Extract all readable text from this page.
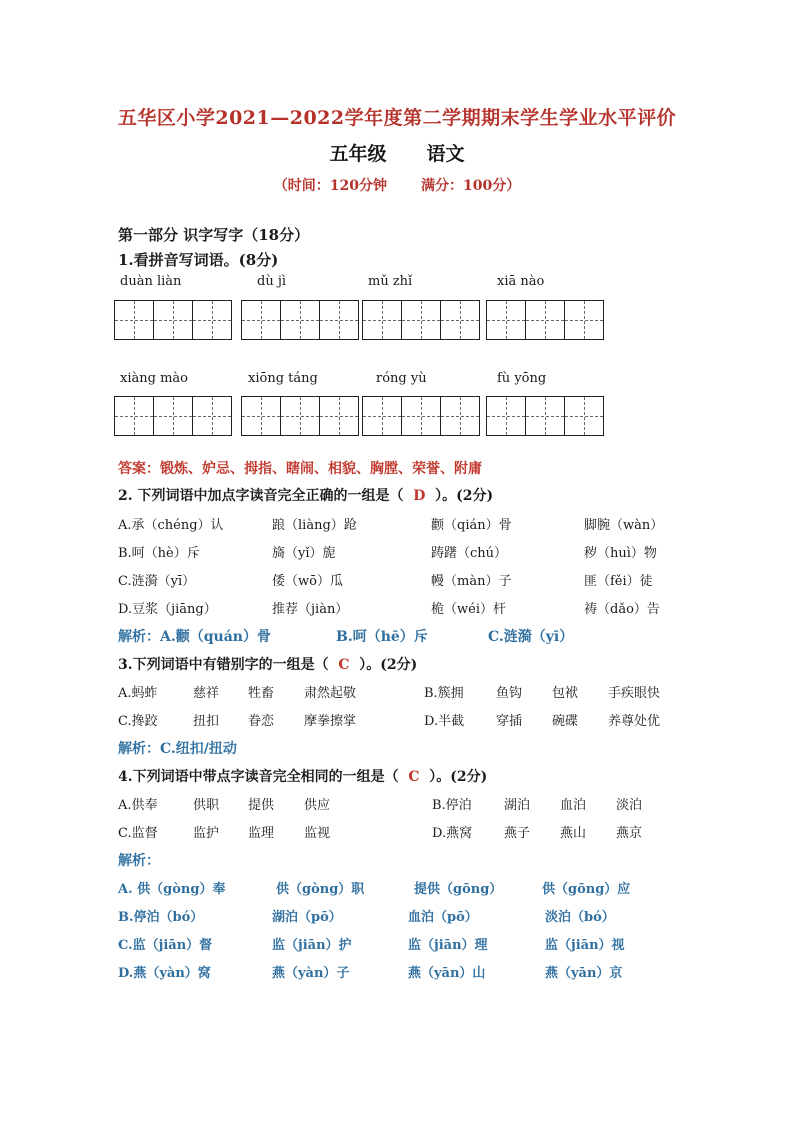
五华区小学2021—2022学年度第二学期期末学生学业水平评价
五年级 语文
（时间：120分钟 满分：100分）
第一部分 识字写字（18分）
1.看拼音写词语。(8分)
duàn liàn	dù jì	mǔ zhǐ	xiā nào
xiàng mào	xiōng táng	róng yù	fù yōng
答案：锻炼、妒忌、拇指、瞎闹、相貌、胸膛、荣誉、附庸
2. 下列词语中加点字读音完全正确的一组是（ D ）。(2分)
A.承（chéng）认	踉（liàng）跄	颧（qián）骨	脚腕（wàn）
B.呵（hè）斥	旖（yǐ）旎	踌躇（chú）	秽（huì）物
C.涟漪（yī）	倭（wō）瓜	幔（màn）子	匪（fěi）徒
D.豆浆（jiāng）	推荐（jiàn）	桅（wéi）杆	祷（dǎo）告
解析：A.颧（quán）骨	B.呵（hē）斥	C.涟漪（yī）
3.下列词语中有错别字的一组是（ C ）。(2分)
A.蚂蚱	慈祥 牲畜 肃然起敬	B.簇拥 鱼钩 包袱 手疾眼快
C.搀跤	扭扣 眷恋 摩拳擦掌	D.半截 穿插 碗碟 养尊处优
解析：C.纽扣/扭动
4.下列词语中带点字读音完全相同的一组是（ C ）。(2分)
A.供奉	供职 提供 供应	B.停泊 湖泊 血泊 淡泊
C.监督	监护 监理 监视	D.燕窝 燕子 燕山 燕京
解析：
A. 供（gòng）奉	供（gòng）职	提供（gōng）	供（gōng）应
B.停泊（bó）	湖泊（pō）	血泊（pō）	淡泊（bó）
C.监（jiān）督	监（jiān）护	监（jiān）理	监（jiān）视
D.燕（yàn）窝	燕（yàn）子	燕（yān）山	燕（yān）京
